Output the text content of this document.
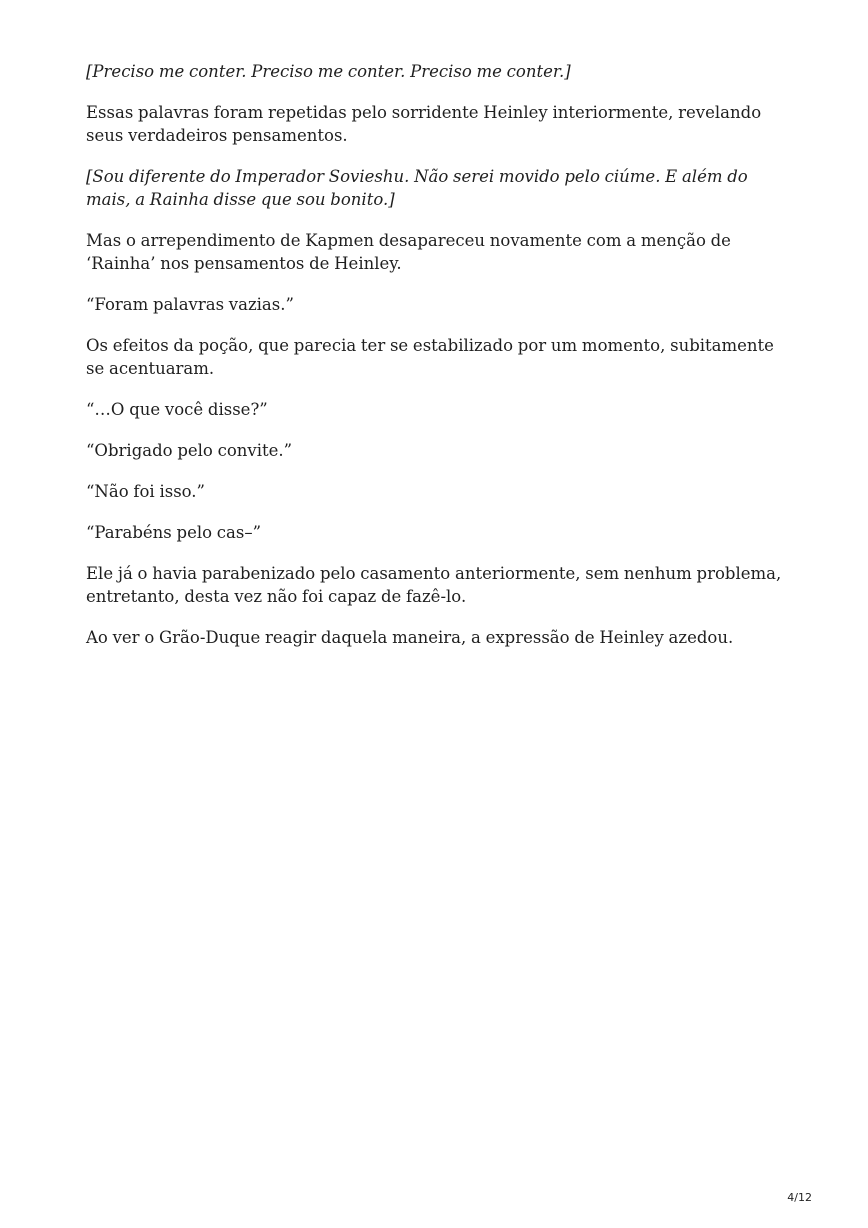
[Preciso me conter. Preciso me conter. Preciso me conter.]

Essas palavras foram repetidas pelo sorridente Heinley interiormente, revelando seus verdadeiros pensamentos.

[Sou diferente do Imperador Sovieshu. Não serei movido pelo ciúme. E além do mais, a Rainha disse que sou bonito.]

Mas o arrependimento de Kapmen desapareceu novamente com a menção de ‘Rainha’ nos pensamentos de Heinley.

“Foram palavras vazias.”

Os efeitos da poção, que parecia ter se estabilizado por um momento, subitamente se acentuaram.

“…O que você disse?”

“Obrigado pelo convite.”

“Não foi isso.”

“Parabéns pelo cas–”

Ele já o havia parabenizado pelo casamento anteriormente, sem nenhum problema, entretanto, desta vez não foi capaz de fazê-lo.

Ao ver o Grão-Duque reagir daquela maneira, a expressão de Heinley azedou.

4/12
